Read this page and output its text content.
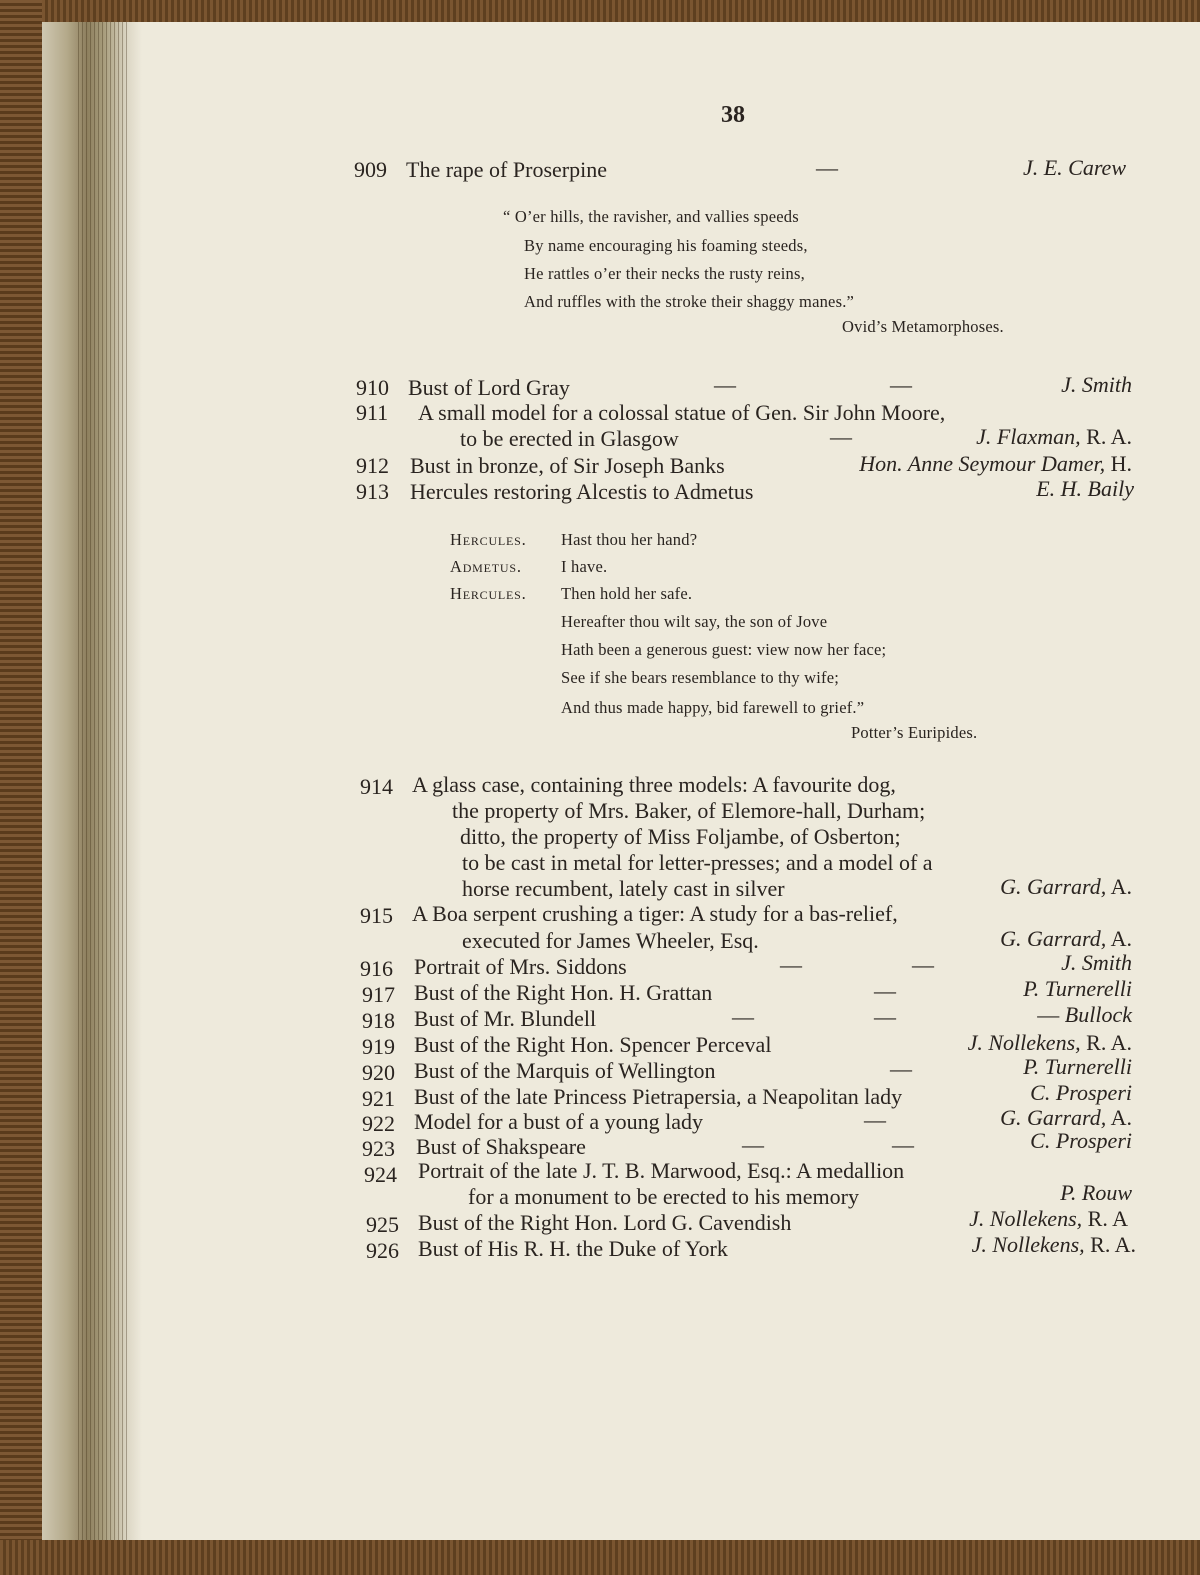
38
909 The rape of Proserpine	—	J. E. Carew
“ O’er hills, the ravisher, and vallies speeds
By name encouraging his foaming steeds,
He rattles o’er their necks the rusty reins,
And ruffles with the stroke their shaggy manes.”
Ovid’s Metamorphoses.
910 Bust of Lord Gray	—	—	J. Smith
911 A small model for a colossal statue of Gen. Sir John Moore,
to be erected in Glasgow	—	J. Flaxman, R. A.
912 Bust in bronze, of Sir Joseph Banks	Hon. Anne Seymour Damer, H.
913 Hercules restoring Alcestis to Admetus	E. H. Baily
Hercules. Hast thou her hand?
Admetus. I have.
Hercules. Then hold her safe.
Hereafter thou wilt say, the son of Jove
Hath been a generous guest: view now her face;
See if she bears resemblance to thy wife;
And thus made happy, bid farewell to grief.”
Potter’s Euripides.
914 A glass case, containing three models: A favourite dog,
the property of Mrs. Baker, of Elemore-hall, Durham;
ditto, the property of Miss Foljambe, of Osberton;
to be cast in metal for letter-presses; and a model of a
horse recumbent, lately cast in silver	G. Garrard, A.
915 A Boa serpent crushing a tiger: A study for a bas-relief,
executed for James Wheeler, Esq.	G. Garrard, A.
916 Portrait of Mrs. Siddons	—	—	J. Smith
917 Bust of the Right Hon. H. Grattan	—	P. Turnerelli
918 Bust of Mr. Blundell	—	—	— Bullock
919 Bust of the Right Hon. Spencer Perceval	J. Nollekens, R. A.
920 Bust of the Marquis of Wellington	—	P. Turnerelli
921 Bust of the late Princess Pietrapersia, a Neapolitan lady	C. Prosperi
922 Model for a bust of a young lady	—	G. Garrard, A.
923 Bust of Shakspeare	—	—	C. Prosperi
924 Portrait of the late J. T. B. Marwood, Esq.: A medallion
for a monument to be erected to his memory	P. Rouw
925 Bust of the Right Hon. Lord G. Cavendish	J. Nollekens, R. A
926 Bust of His R. H. the Duke of York	J. Nollekens, R. A.
